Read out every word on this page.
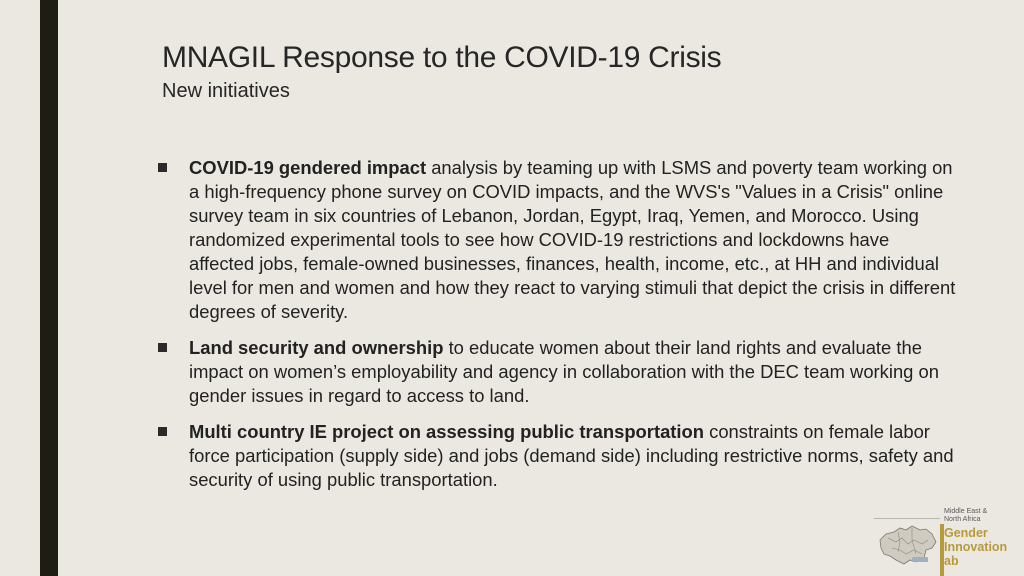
MNAGIL Response to the COVID-19 Crisis
New initiatives
COVID-19 gendered impact analysis by teaming up with LSMS and poverty team working on a high-frequency phone survey on COVID impacts, and the WVS's "Values in a Crisis" online survey team in six countries of Lebanon, Jordan, Egypt, Iraq, Yemen, and Morocco. Using randomized experimental tools to see how COVID-19 restrictions and lockdowns have affected jobs, female-owned businesses, finances, health, income, etc., at HH and individual level for men and women and how they react to varying stimuli that depict the crisis in different degrees of severity.
Land security and ownership to educate women about their land rights and evaluate the impact on women’s employability and agency in collaboration with the DEC team working on gender issues in regard to access to land.
Multi country IE project on assessing public transportation constraints on female labor force participation (supply side) and jobs (demand side) including restrictive norms, safety and security of using public transportation.
Middle East &
North Africa
Gender
Innovation
ab
